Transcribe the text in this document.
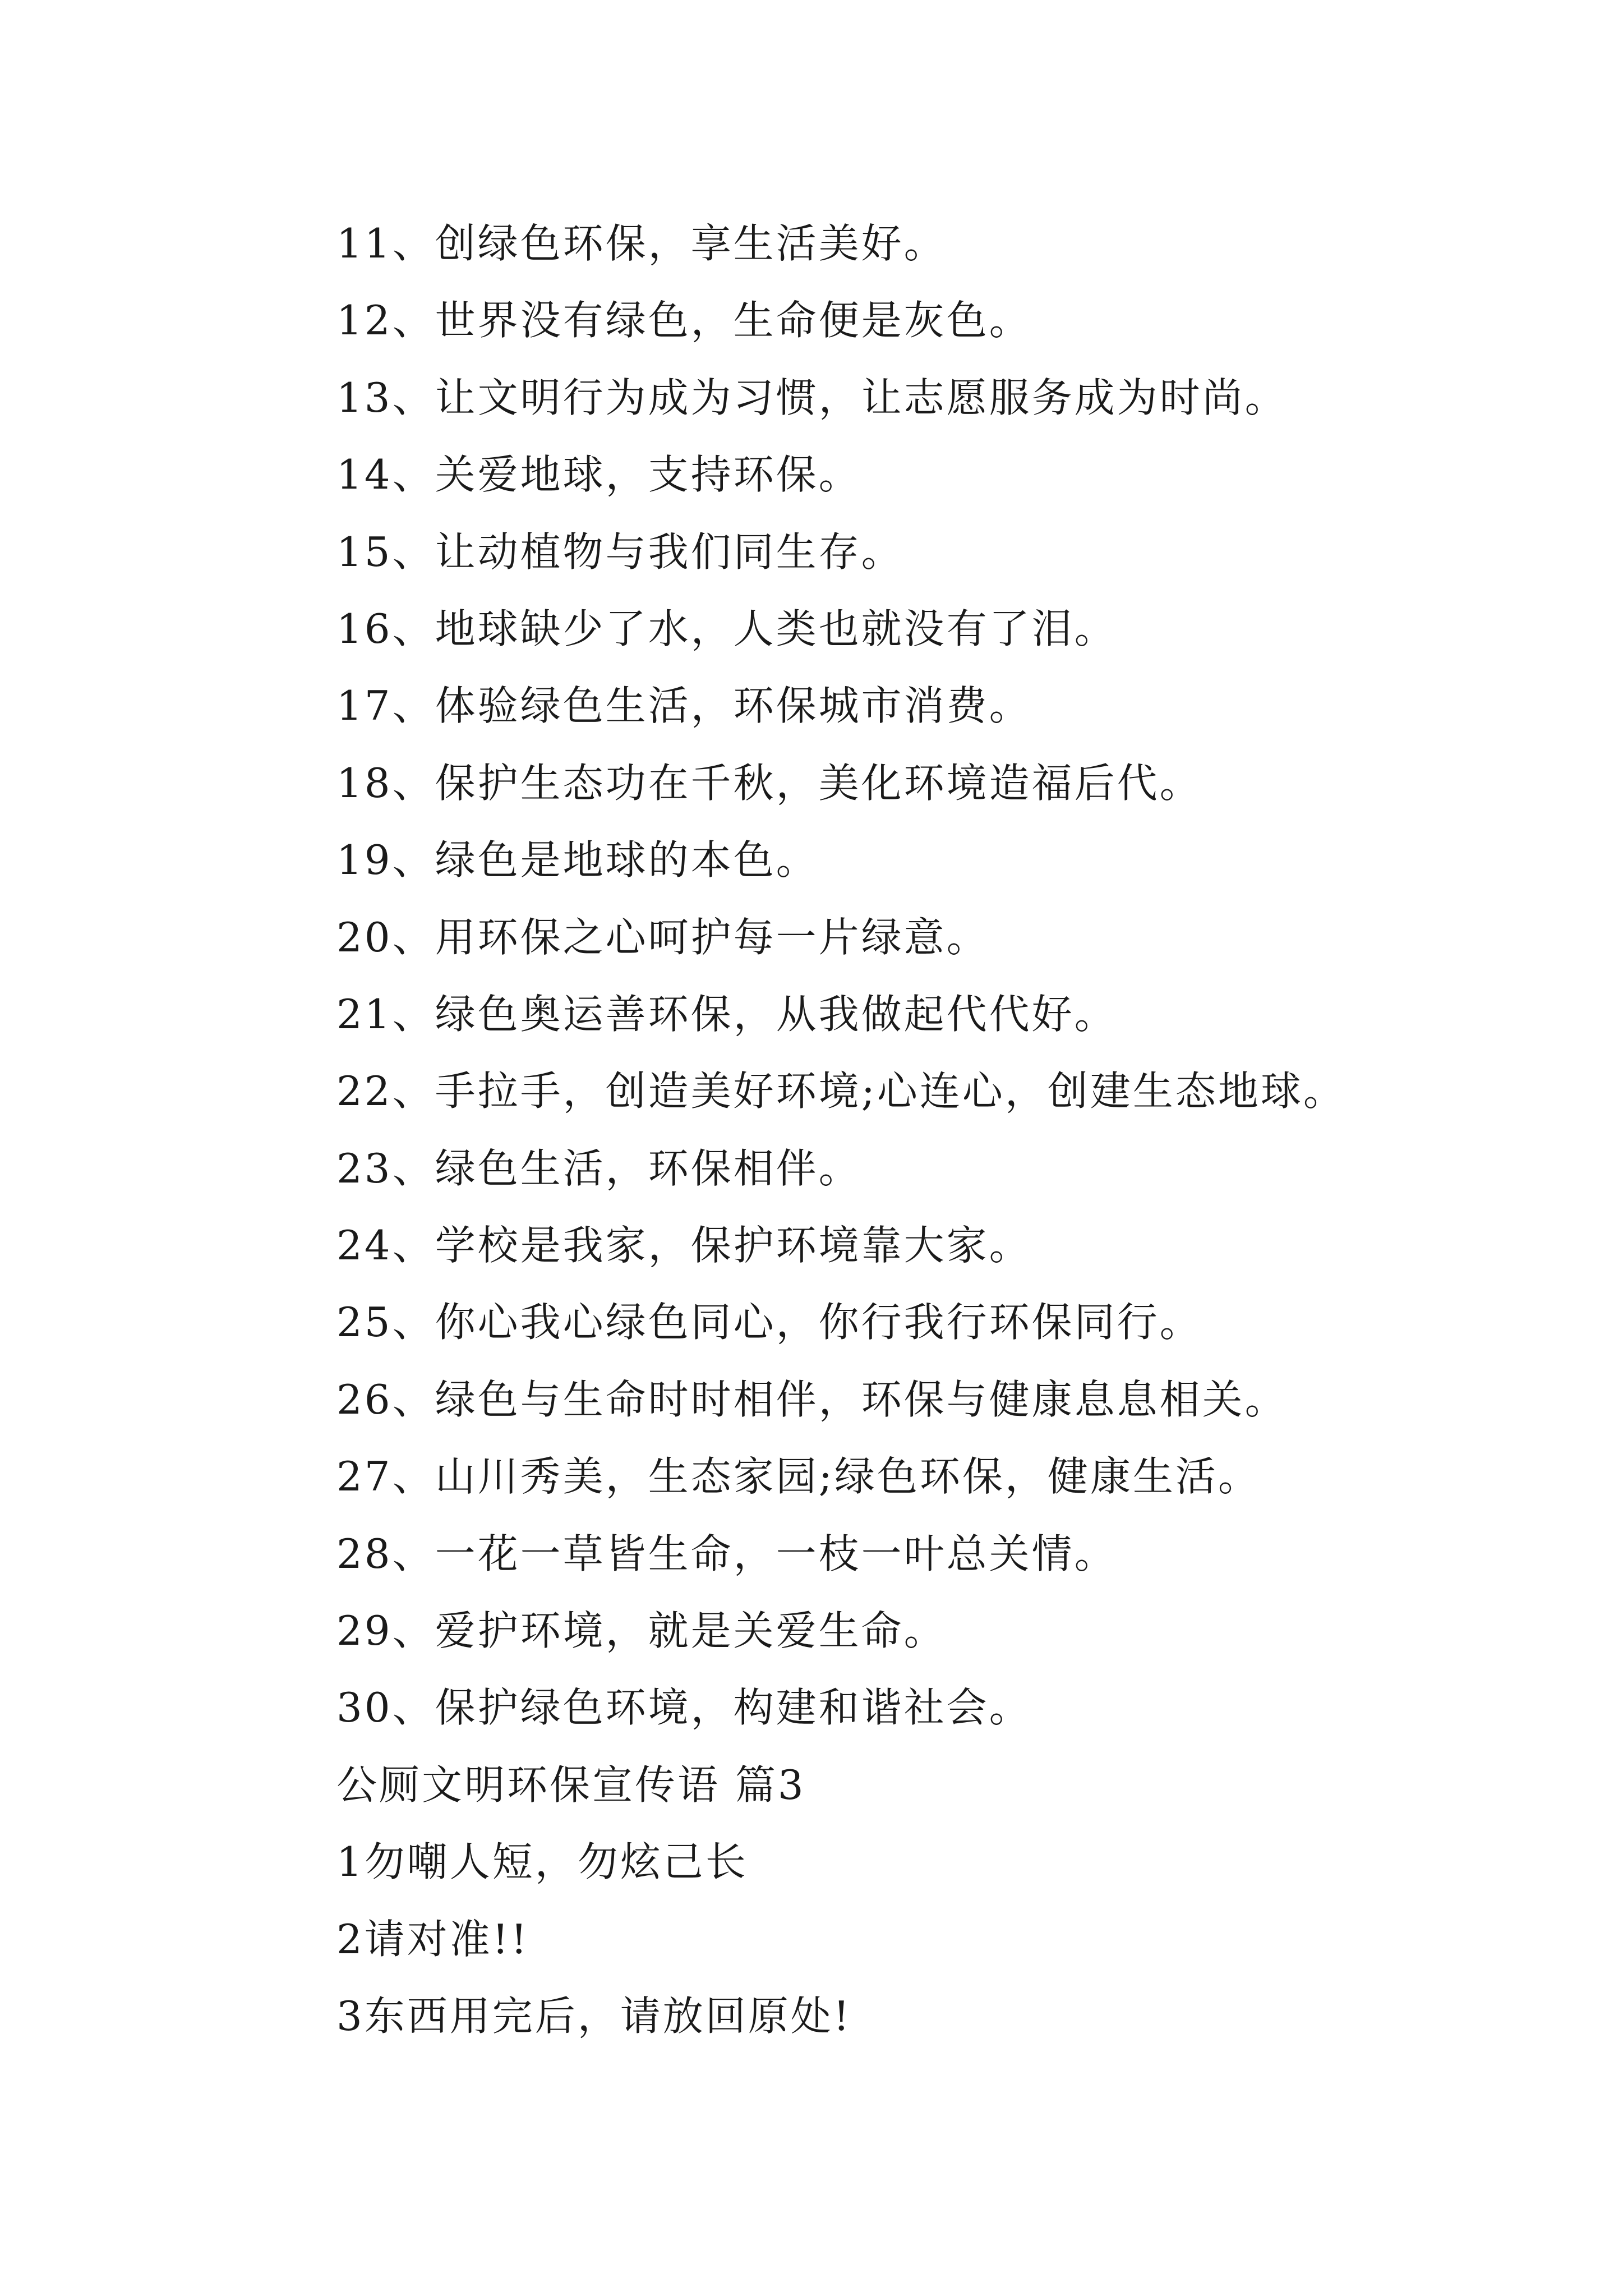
11、创绿色环保，享生活美好。
12、世界没有绿色，生命便是灰色。
13、让文明行为成为习惯，让志愿服务成为时尚。
14、关爱地球，支持环保。
15、让动植物与我们同生存。
16、地球缺少了水，人类也就没有了泪。
17、体验绿色生活，环保城市消费。
18、保护生态功在千秋，美化环境造福后代。
19、绿色是地球的本色。
20、用环保之心呵护每一片绿意。
21、绿色奥运善环保，从我做起代代好。
22、手拉手，创造美好环境;心连心，创建生态地球。
23、绿色生活，环保相伴。
24、学校是我家，保护环境靠大家。
25、你心我心绿色同心，你行我行环保同行。
26、绿色与生命时时相伴，环保与健康息息相关。
27、山川秀美，生态家园;绿色环保，健康生活。
28、一花一草皆生命，一枝一叶总关情。
29、爱护环境，就是关爱生命。
30、保护绿色环境，构建和谐社会。
公厕文明环保宣传语 篇3
1勿嘲人短，勿炫己长
2请对准!!
3东西用完后，请放回原处!
